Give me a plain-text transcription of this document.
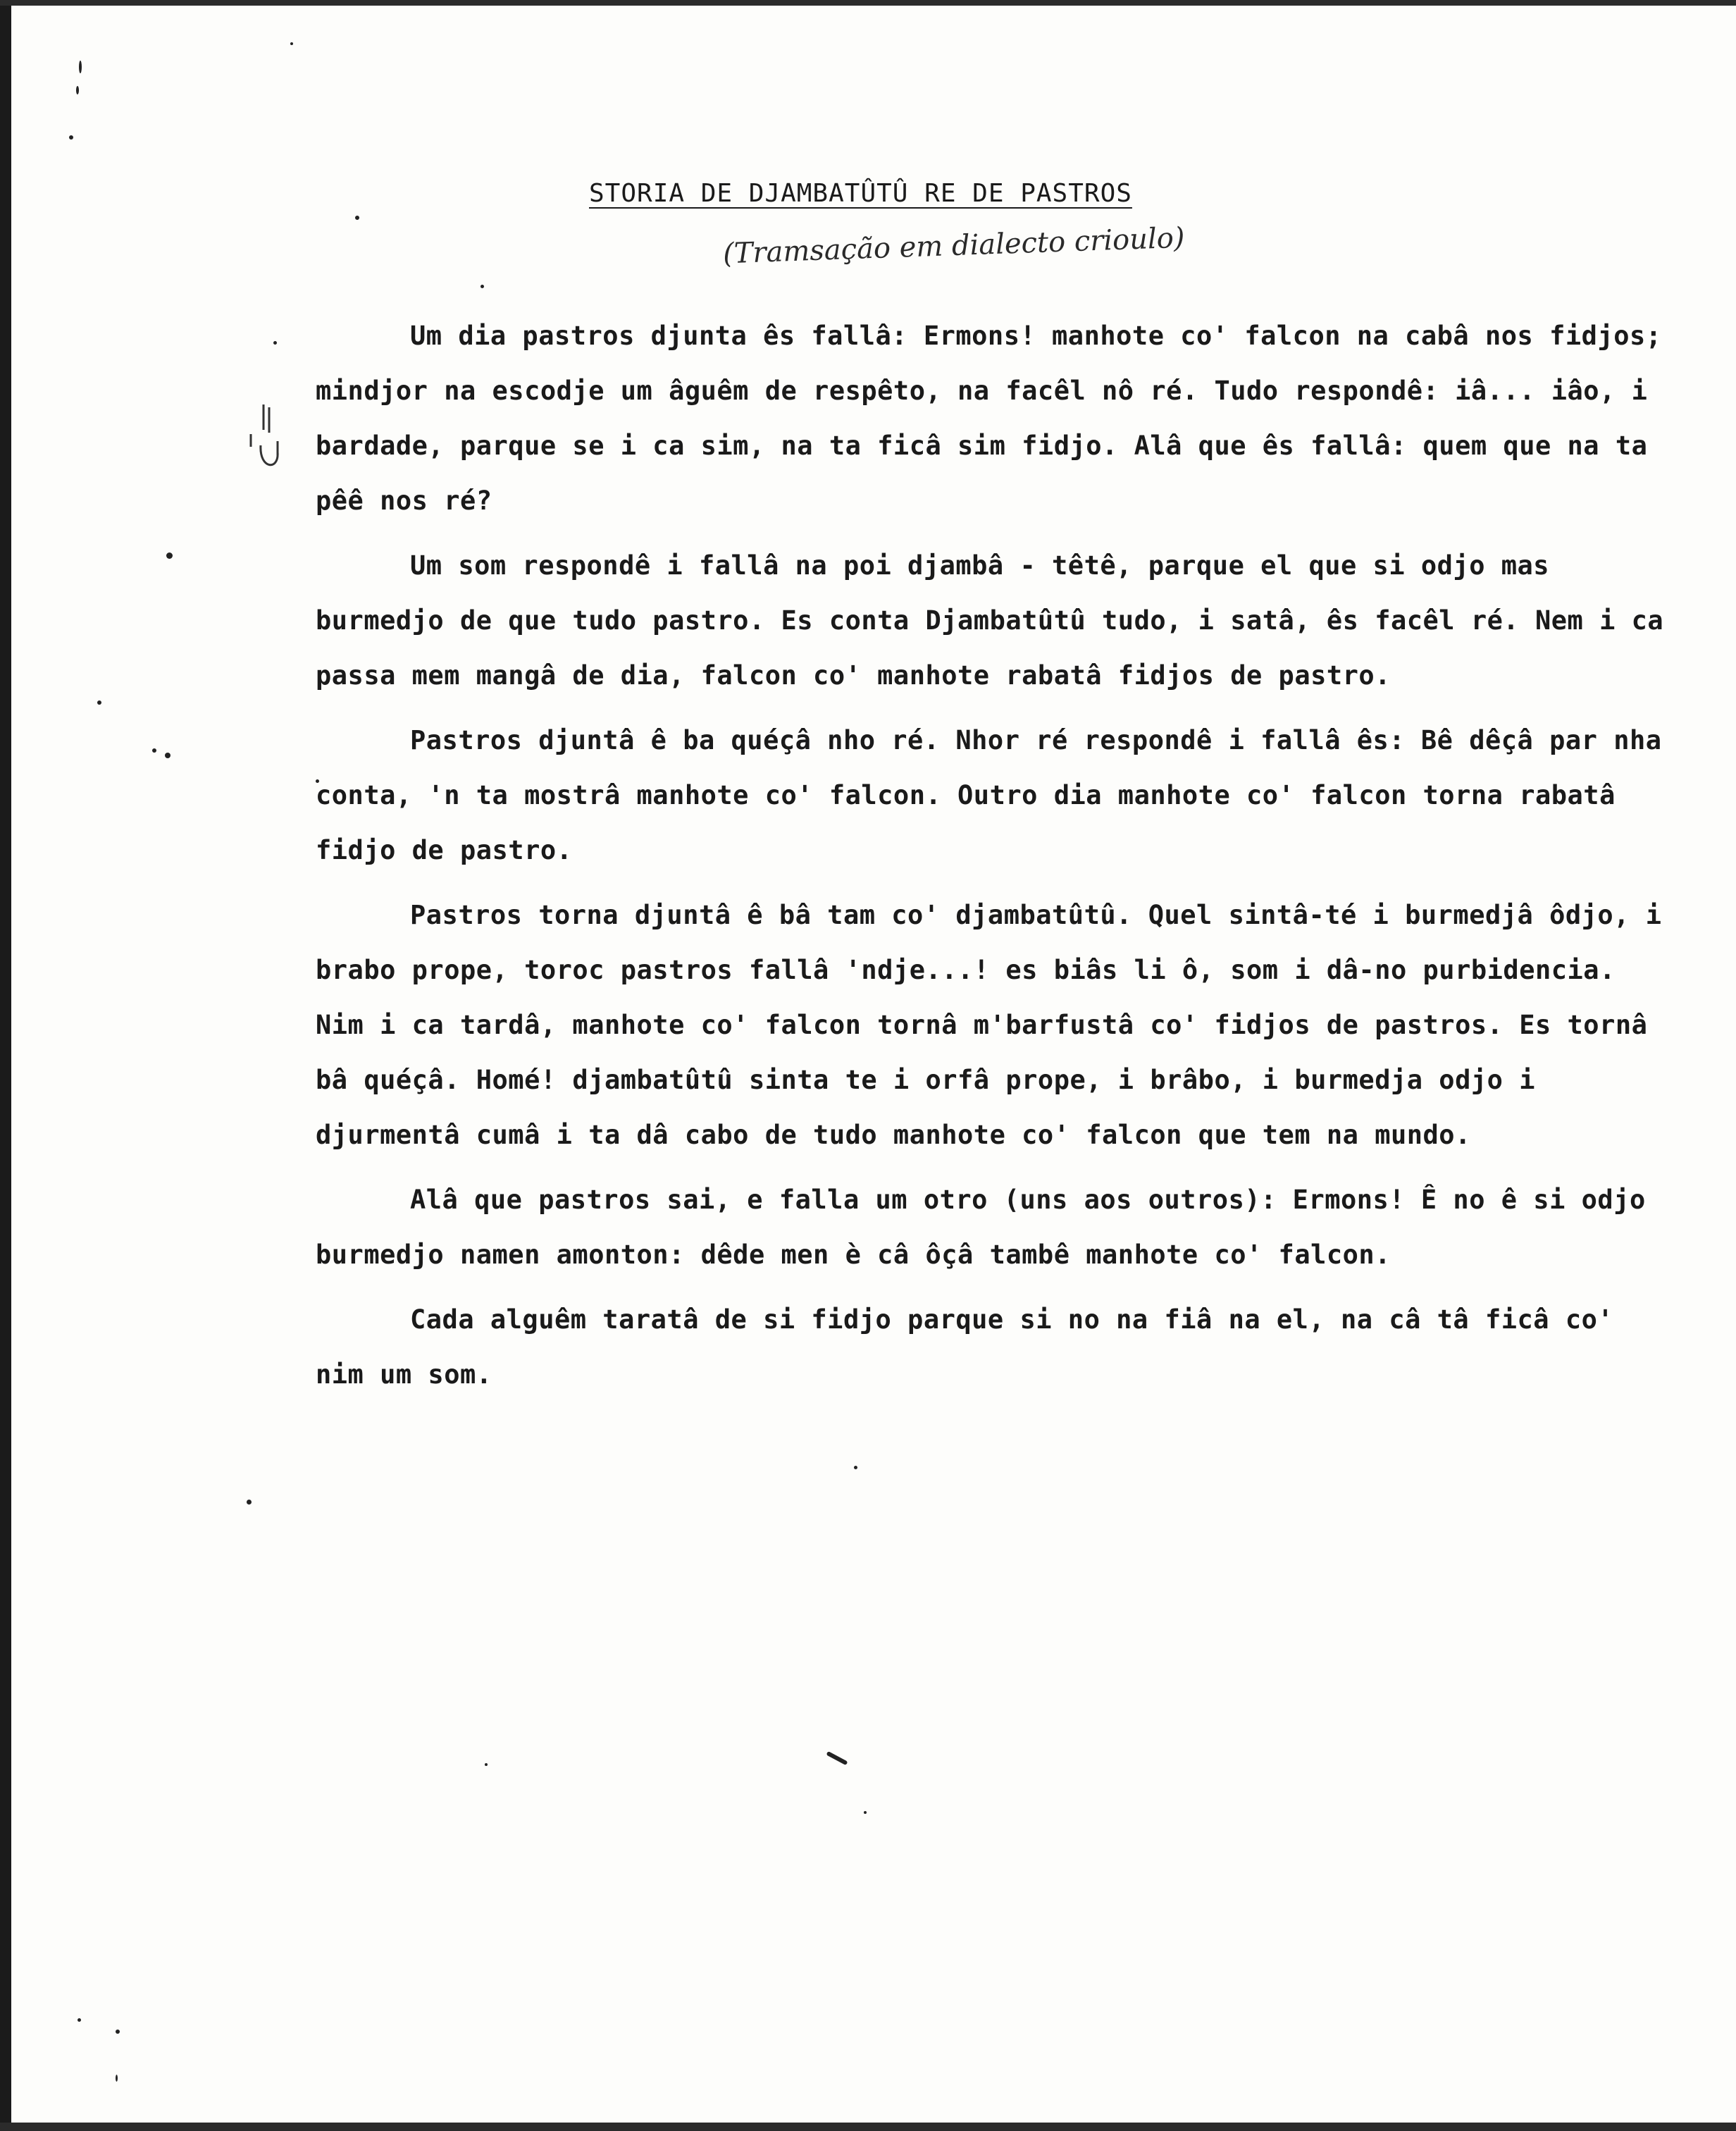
STORIA DE DJAMBATÛTÛ RE DE PASTROS
(Tramsação em dialecto crioulo)

Um dia pastros djunta ês fallâ: Ermons! manhote co' falcon na cabâ nos fidjos; mindjor na escodje um âguêm de respêto, na facêl nô ré. Tudo respondê: iâ... iâo, i bardade, parque se i ca sim, na ta ficâ sim fidjo. Alâ que ês fallâ: quem que na ta pêê nos ré?

Um som respondê i fallâ na poi djambâ - têtê, parque el que si odjo mas burmedjo de que tudo pastro. Es conta Djambatûtû tudo, i satâ, ês facêl ré. Nem i ca passa mem mangâ de dia, falcon co' manhote rabatâ fidjos de pastro.

Pastros djuntâ ê ba quéçâ nho ré. Nhor ré respondê i fallâ ês: Bê dêçâ par nha conta, 'n ta mostrâ manhote co' falcon. Outro dia manhote co' falcon torna rabatâ fidjo de pastro.

Pastros torna djuntâ ê bâ tam co' djambatûtû. Quel sintâ-té i burmedjâ ôdjo, i brabo prope, toroc pastros fallâ 'ndje...! es biâs li ô, som i dâ-no purbidencia. Nim i ca tardâ, manhote co' falcon tornâ m'barfustâ co' fidjos de pastros. Es tornâ bâ quéçâ. Homé! djambatûtû sinta te i orfâ prope, i brâbo, i burmedja odjo i djurmentâ cumâ i ta dâ cabo de tudo manhote co' falcon que tem na mundo.

Alâ que pastros sai, e falla um otro (uns aos outros): Ermons! Ê no ê si odjo burmedjo namen amonton: dêde men è câ ôçâ tambê manhote co' falcon.

Cada alguêm taratâ de si fidjo parque si no na fiâ na el, na câ tâ ficâ co' nim um som.
